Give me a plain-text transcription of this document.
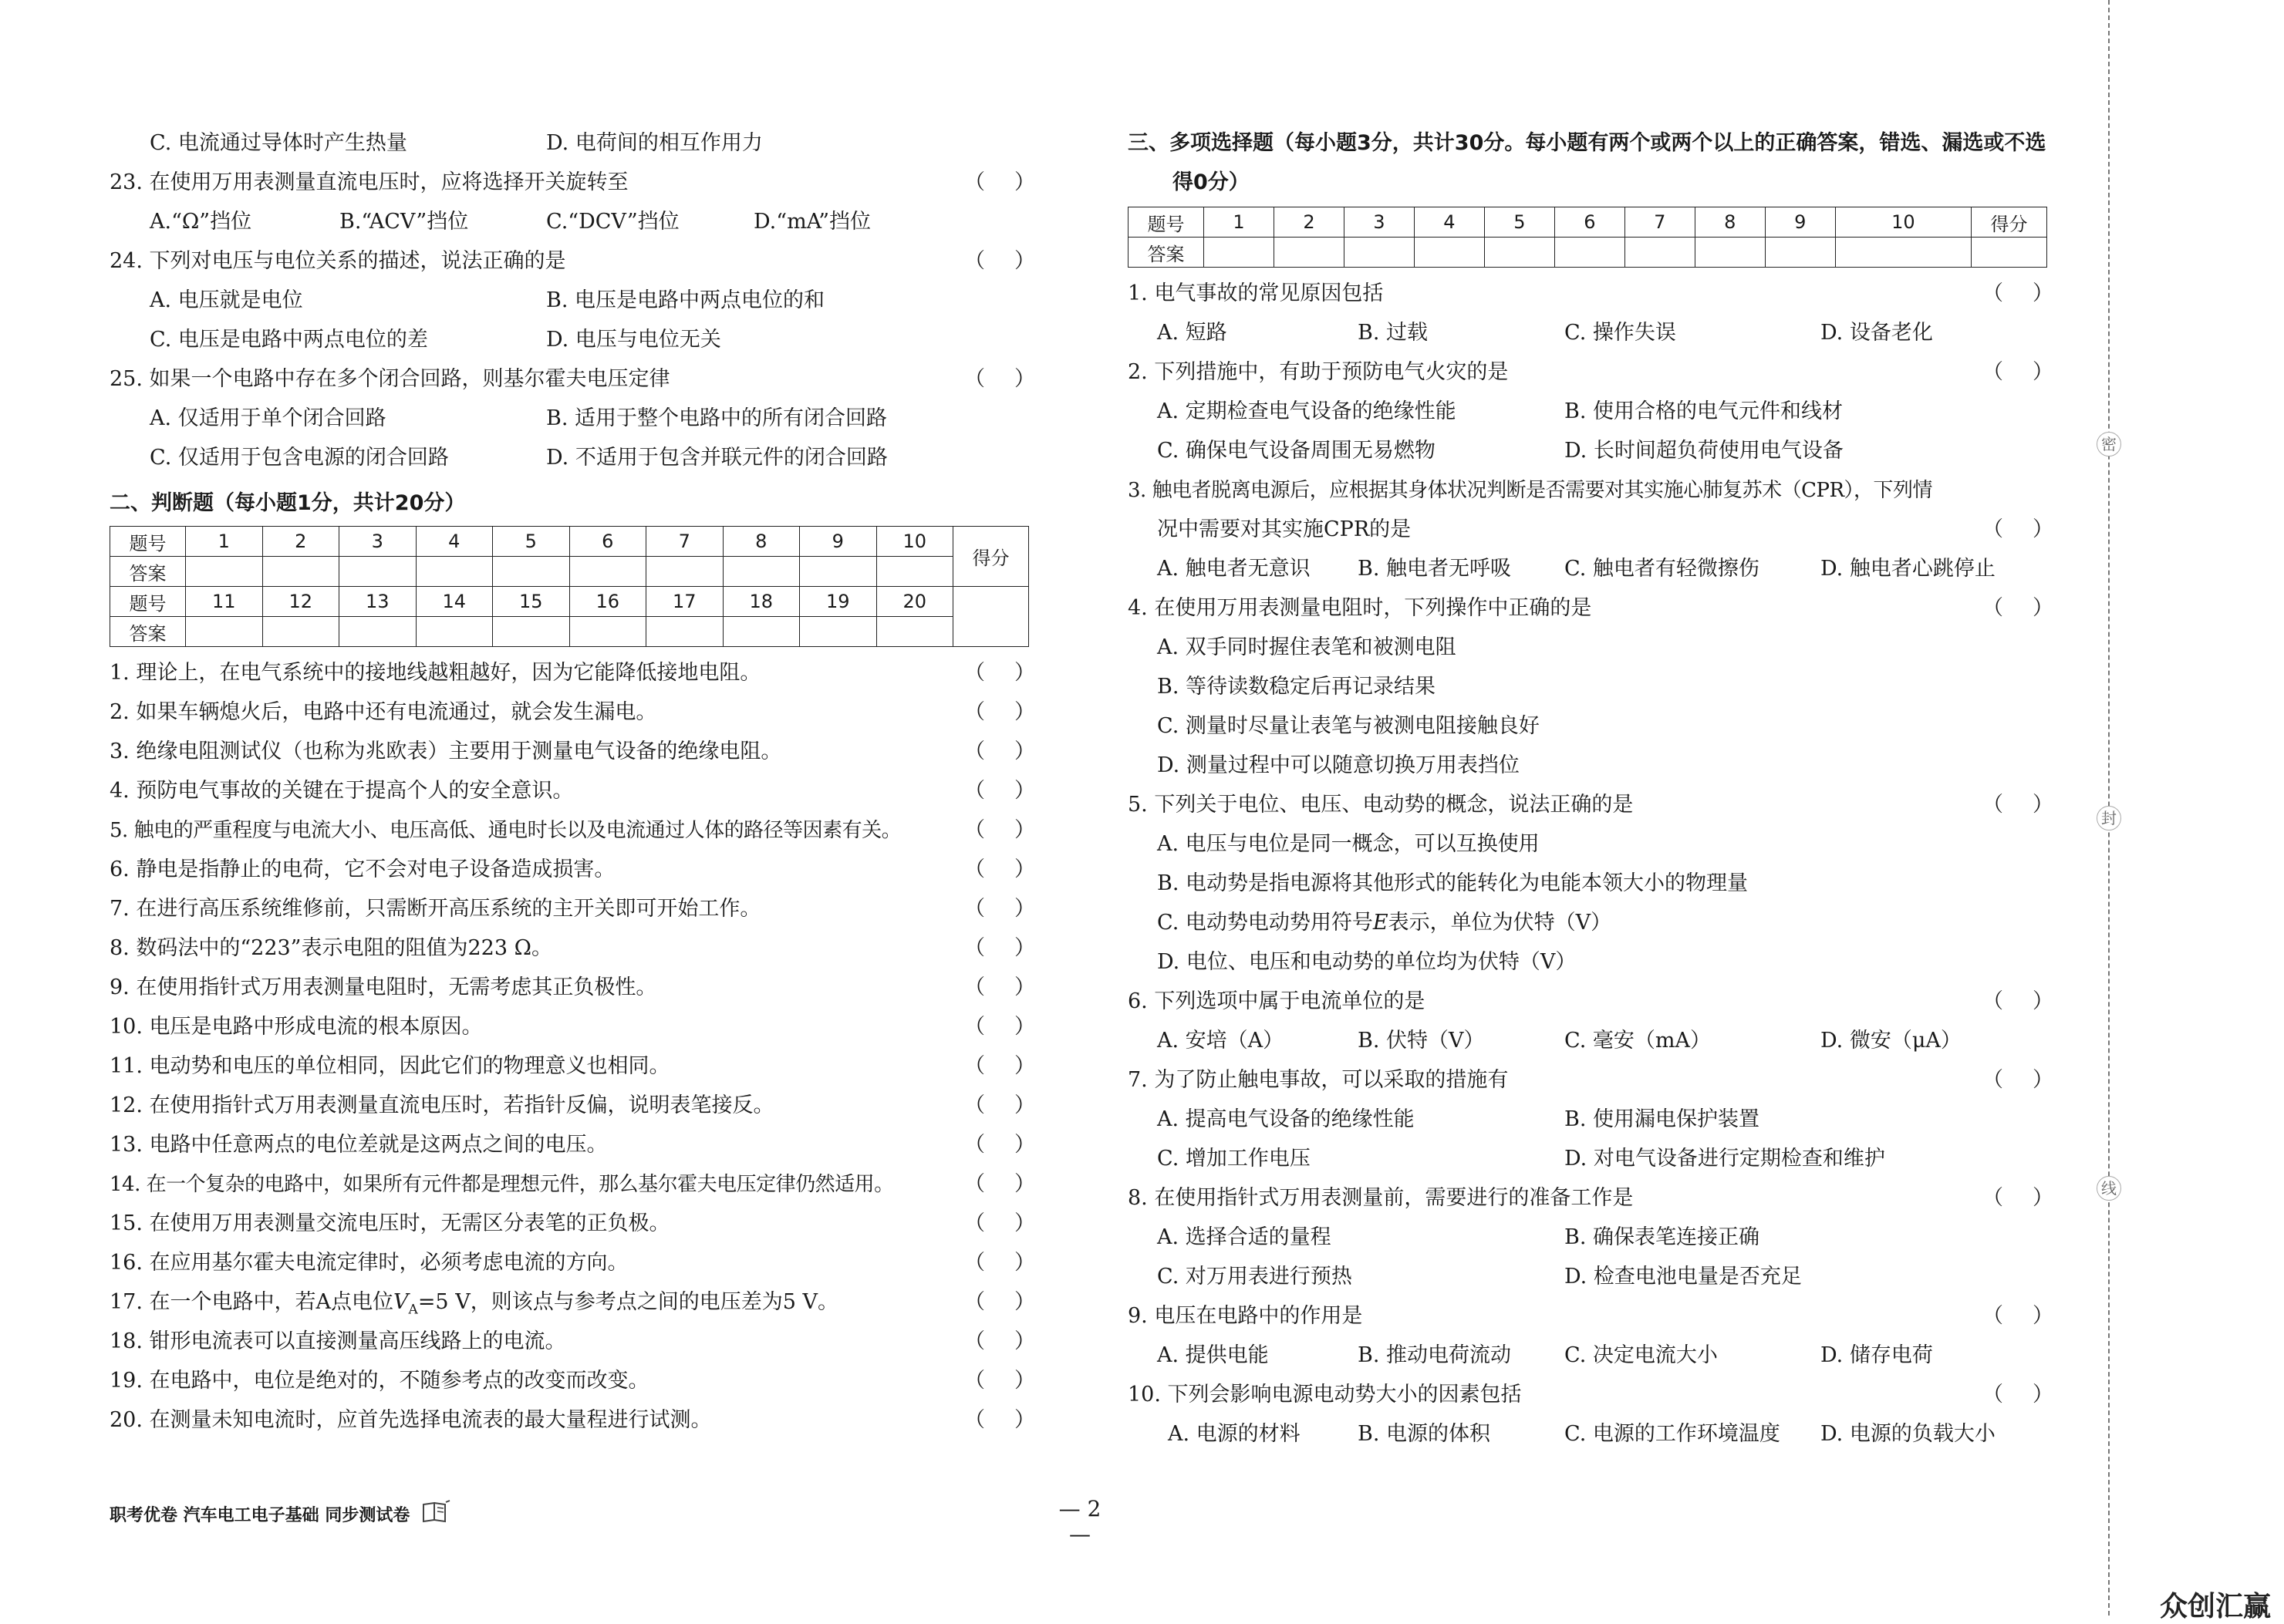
C. 电流通过导体时产生热量	D. 电荷间的相互作用力
23. 在使用万用表测量直流电压时，应将选择开关旋转至	（ ）
A.“Ω”挡位	B.“ACV”挡位	C.“DCV”挡位	D.“mA”挡位
24. 下列对电压与电位关系的描述，说法正确的是	（ ）
A. 电压就是电位	B. 电压是电路中两点电位的和
C. 电压是电路中两点电位的差	D. 电压与电位无关
25. 如果一个电路中存在多个闭合回路，则基尔霍夫电压定律	（ ）
A. 仅适用于单个闭合回路	B. 适用于整个电路中的所有闭合回路
C. 仅适用于包含电源的闭合回路	D. 不适用于包含并联元件的闭合回路
二、判断题（每小题1分，共计20分）
题号	1	2	3	4	5	6	7	8	9	10	得分
答案											
题号	11	12	13	14	15	16	17	18	19	20	
答案											
1. 理论上，在电气系统中的接地线越粗越好，因为它能降低接地电阻。	（ ）
2. 如果车辆熄火后，电路中还有电流通过，就会发生漏电。	（ ）
3. 绝缘电阻测试仪（也称为兆欧表）主要用于测量电气设备的绝缘电阻。	（ ）
4. 预防电气事故的关键在于提高个人的安全意识。	（ ）
5. 触电的严重程度与电流大小、电压高低、通电时长以及电流通过人体的路径等因素有关。	（ ）
6. 静电是指静止的电荷，它不会对电子设备造成损害。	（ ）
7. 在进行高压系统维修前，只需断开高压系统的主开关即可开始工作。	（ ）
8. 数码法中的“223”表示电阻的阻值为223 Ω。	（ ）
9. 在使用指针式万用表测量电阻时，无需考虑其正负极性。	（ ）
10. 电压是电路中形成电流的根本原因。	（ ）
11. 电动势和电压的单位相同，因此它们的物理意义也相同。	（ ）
12. 在使用指针式万用表测量直流电压时，若指针反偏，说明表笔接反。	（ ）
13. 电路中任意两点的电位差就是这两点之间的电压。	（ ）
14. 在一个复杂的电路中，如果所有元件都是理想元件，那么基尔霍夫电压定律仍然适用。	（ ）
15. 在使用万用表测量交流电压时，无需区分表笔的正负极。	（ ）
16. 在应用基尔霍夫电流定律时，必须考虑电流的方向。	（ ）
17. 在一个电路中，若A点电位$V_A=5$ V，则该点与参考点之间的电压差为5 V。	（ ）
18. 钳形电流表可以直接测量高压线路上的电流。	（ ）
19. 在电路中，电位是绝对的，不随参考点的改变而改变。	（ ）
20. 在测量未知电流时，应首先选择电流表的最大量程进行试测。	（ ）
三、多项选择题（每小题3分，共计30分。每小题有两个或两个以上的正确答案，错选、漏选或不选得0分）
题号	1	2	3	4	5	6	7	8	9	10	得分
答案											
1. 电气事故的常见原因包括	（ ）
A. 短路	B. 过载	C. 操作失误	D. 设备老化
2. 下列措施中，有助于预防电气火灾的是	（ ）
A. 定期检查电气设备的绝缘性能	B. 使用合格的电气元件和线材
C. 确保电气设备周围无易燃物	D. 长时间超负荷使用电气设备
3. 触电者脱离电源后，应根据其身体状况判断是否需要对其实施心肺复苏术（CPR），下列情
况中需要对其实施CPR的是	（ ）
A. 触电者无意识 B. 触电者无呼吸	C. 触电者有轻微擦伤	D. 触电者心跳停止
4. 在使用万用表测量电阻时，下列操作中正确的是	（ ）
A. 双手同时握住表笔和被测电阻
B. 等待读数稳定后再记录结果
C. 测量时尽量让表笔与被测电阻接触良好
D. 测量过程中可以随意切换万用表挡位
5. 下列关于电位、电压、电动势的概念，说法正确的是	（ ）
A. 电压与电位是同一概念，可以互换使用
B. 电动势是指电源将其他形式的能转化为电能本领大小的物理量
C. 电动势电动势用符号E表示，单位为伏特（V）
D. 电位、电压和电动势的单位均为伏特（V）
6. 下列选项中属于电流单位的是	（ ）
A. 安培（A）	B. 伏特（V）	C. 毫安（mA）	D. 微安（μA）
7. 为了防止触电事故，可以采取的措施有	（ ）
A. 提高电气设备的绝缘性能	B. 使用漏电保护装置
C. 增加工作电压	D. 对电气设备进行定期检查和维护
8. 在使用指针式万用表测量前，需要进行的准备工作是	（ ）
A. 选择合适的量程	B. 确保表笔连接正确
C. 对万用表进行预热	D. 检查电池电量是否充足
9. 电压在电路中的作用是	（ ）
A. 提供电能	B. 推动电荷流动	C. 决定电流大小	D. 储存电荷
10. 下列会影响电源电动势大小的因素包括	（ ）
A. 电源的材料	B. 电源的体积	C. 电源的工作环境温度 D. 电源的负载大小
职考优卷 汽车电工电子基础 同步测试卷	— 2 —
密
封
线
众创汇赢
